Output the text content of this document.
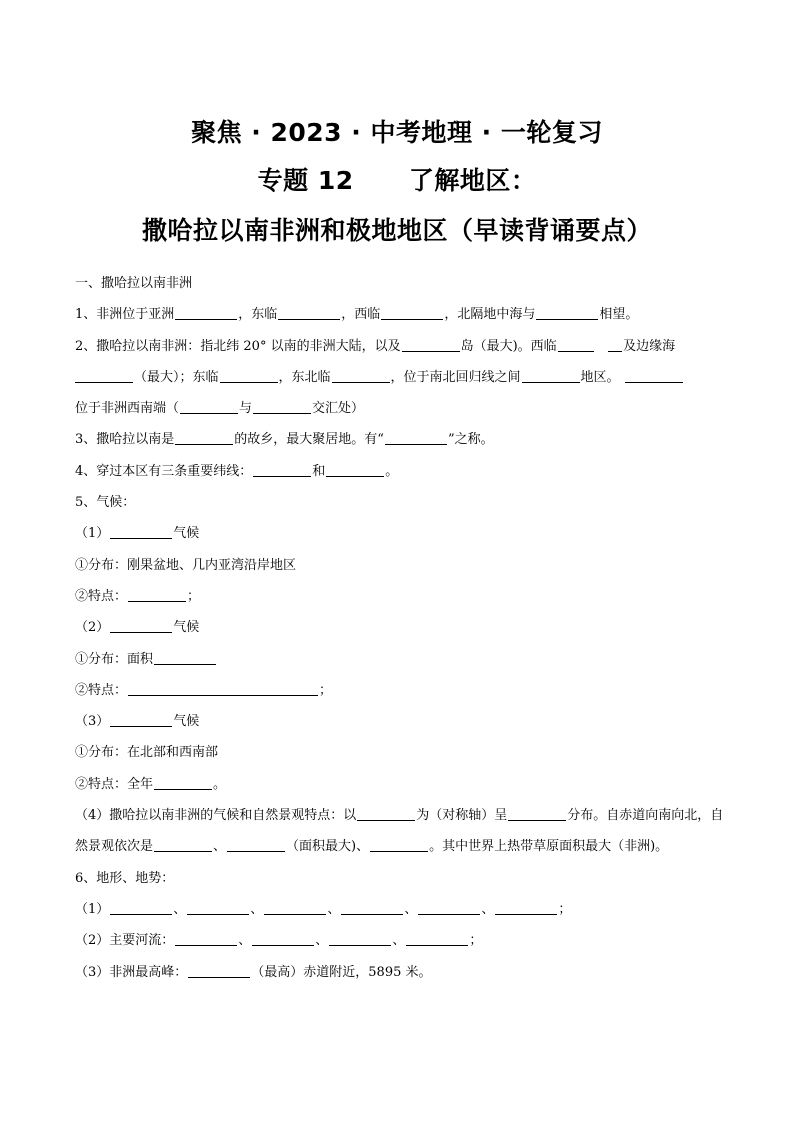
聚焦 · 2023 · 中考地理 · 一轮复习
专题 12      了解地区：
撒哈拉以南非洲和极地地区（早读背诵要点）
一、撒哈拉以南非洲
1、非洲位于亚洲	，东临	，西临	，北隔地中海与	相望。
2、撒哈拉以南非洲：指北纬 20° 以南的非洲大陆，以及	岛（最大)。西临	及边缘海
（最大）；东临	，东北临	，位于南北回归线之间	地区。
位于非洲西南端（	与	交汇处）
3、撒哈拉以南是	的故乡，最大聚居地。有“	”之称。
4、穿过本区有三条重要纬线：	和	。
5、气候：
（1）	气候
①分布：刚果盆地、几内亚湾沿岸地区
②特点：	；
（2）	气候
①分布：面积
②特点：	；
（3）	气候
①分布：在北部和西南部
②特点：全年	。
（4）撒哈拉以南非洲的气候和自然景观特点：以	为（对称轴）呈	分布。自赤道向南向北，自然景观依次是	、	（面积最大)、	。其中世界上热带草原面积最大（非洲)。
6、地形、地势：
（1）	、	、	、	、	、	；
（2）主要河流：	、	、	、	；
（3）非洲最高峰：	（最高）赤道附近，5895 米。
